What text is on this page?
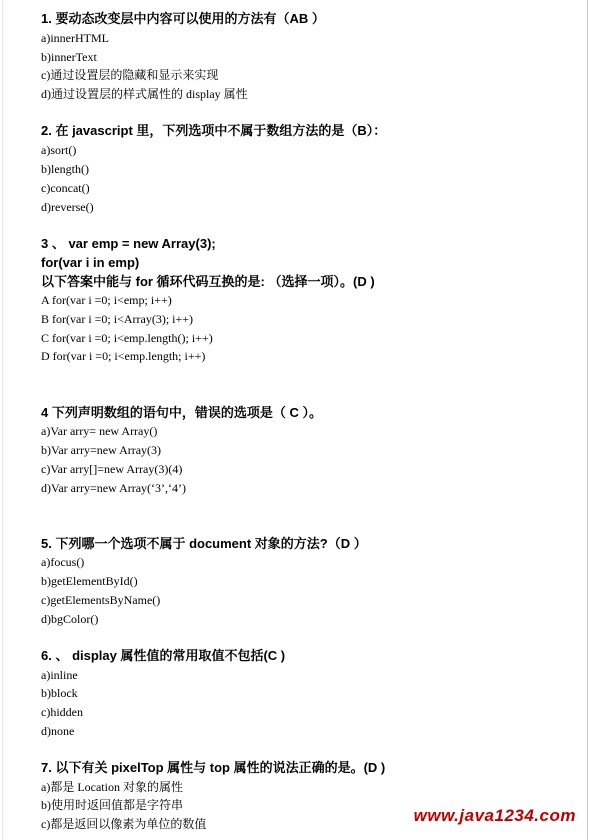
1. 要动态改变层中内容可以使用的方法有（AB ）
a)innerHTML
b)innerText
c)通过设置层的隐藏和显示来实现
d)通过设置层的样式属性的 display 属性
2. 在 javascript 里，下列选项中不属于数组方法的是（B）：
a)sort()
b)length()
c)concat()
d)reverse()
3 、 var emp = new Array(3);
for(var i in emp)
以下答案中能与 for 循环代码互换的是: （选择一项）。(D )
A for(var i =0; i<emp; i++)
B for(var i =0; i<Array(3); i++)
C for(var i =0; i<emp.length(); i++)
D for(var i =0; i<emp.length; i++)
4 下列声明数组的语句中，错误的选项是（ C ）。
a)Var arry= new Array()
b)Var arry=new Array(3)
c)Var arry[]=new Array(3)(4)
d)Var arry=new Array(‘3’,‘4’)
5. 下列哪一个选项不属于 document 对象的方法?（D ）
a)focus()
b)getElementById()
c)getElementsByName()
d)bgColor()
6. 、 display 属性值的常用取值不包括(C )
a)inline
b)block
c)hidden
d)none
7. 以下有关 pixelTop 属性与 top 属性的说法正确的是。(D )
a)都是 Location 对象的属性
b)使用时返回值都是字符串
c)都是返回以像素为单位的数值	www.java1234.com
